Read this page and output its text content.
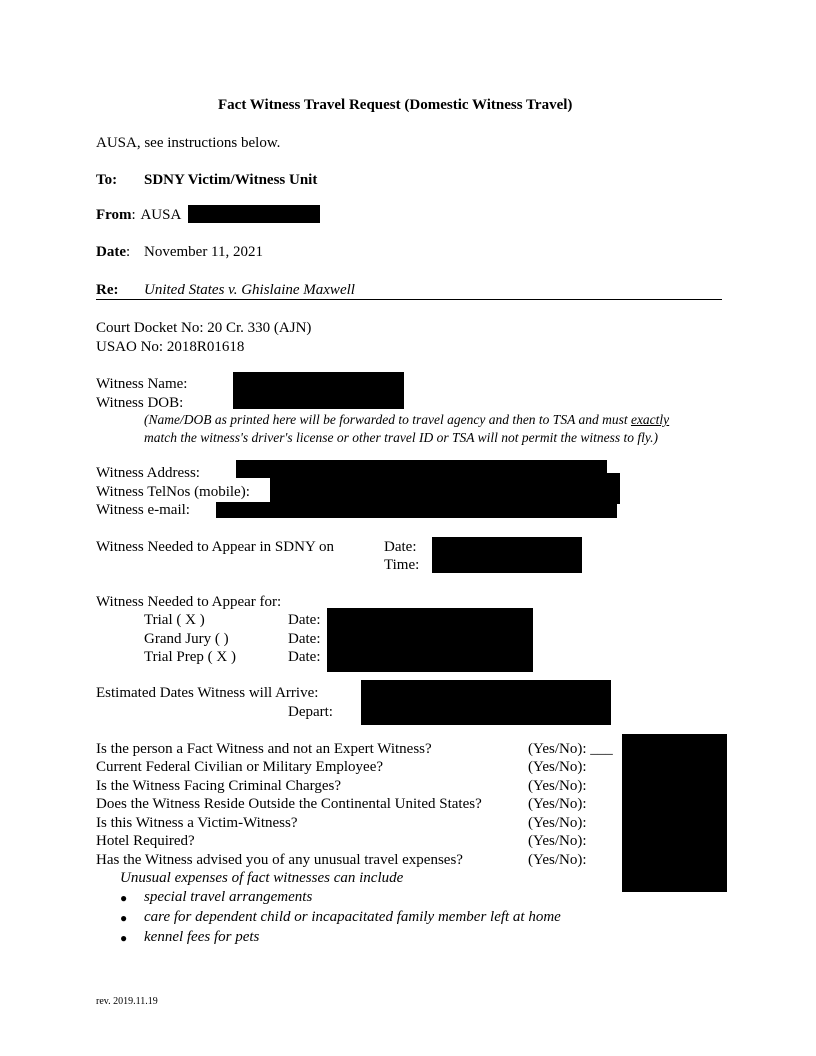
Fact Witness Travel Request (Domestic Witness Travel)
AUSA, see instructions below.
To: SDNY Victim/Witness Unit
From: AUSA
Date: November 11, 2021
Re: United States v. Ghislaine Maxwell
Court Docket No: 20 Cr. 330 (AJN)
USAO No: 2018R01618
Witness Name:
Witness DOB:
(Name/DOB as printed here will be forwarded to travel agency and then to TSA and must exactly
match the witness's driver's license or other travel ID or TSA will not permit the witness to fly.)
Witness Address:
Witness TelNos (mobile):
Witness e-mail:
Witness Needed to Appear in SDNY on	Date:
Time:
Witness Needed to Appear for:
Trial ( X )	Date:
Grand Jury ( )	Date:
Trial Prep ( X )	Date:
Estimated Dates Witness will Arrive:
Depart:
Is the person a Fact Witness and not an Expert Witness?	(Yes/No): ___
Current Federal Civilian or Military Employee?	(Yes/No):
Is the Witness Facing Criminal Charges?	(Yes/No):
Does the Witness Reside Outside the Continental United States?	(Yes/No):
Is this Witness a Victim-Witness?	(Yes/No):
Hotel Required?	(Yes/No):
Has the Witness advised you of any unusual travel expenses?	(Yes/No):
Unusual expenses of fact witnesses can include
● special travel arrangements
● care for dependent child or incapacitated family member left at home
● kennel fees for pets
rev. 2019.11.19
